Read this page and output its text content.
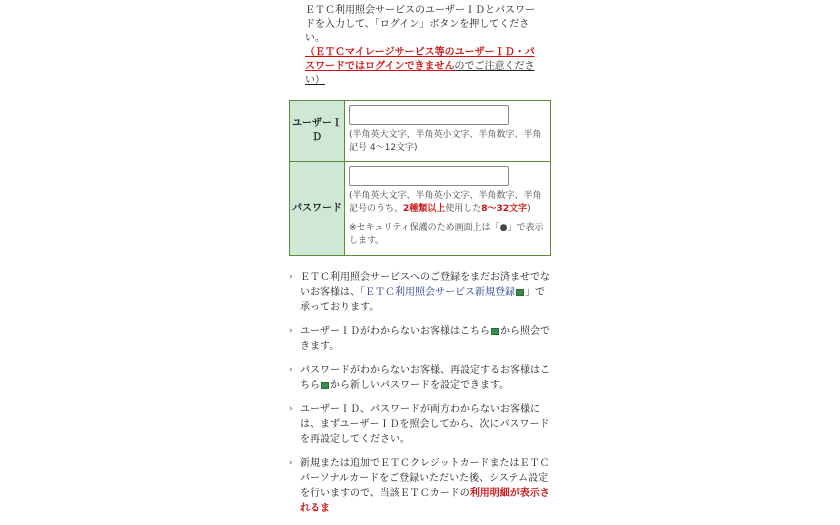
ＥＴＣ利用照会サービスのユーザーＩＤとパスワードを入力して、「ログイン」ボタンを押してください。
（ＥＴＣマイレージサービス等のユーザーＩＤ・パスワードではログインできませんのでご注意ください）
ユーザーＩＤ	(半角英大文字、半角英小文字、半角数字、半角記号 4～12文字)

パスワード	(半角英大文字、半角英小文字、半角数字、半角記号のうち、2種類以上使用した8～32文字)
※セキュリティ保護のため画面上は「●」で表示します。
› ＥＴＣ利用照会サービスへのご登録をまだお済ませでないお客様は、「ＥＴＣ利用照会サービス新規登録 」で承っております。
› ユーザーＩＤがわからないお客様はこちら から照会できます。
› パスワードがわからないお客様、再設定するお客様はこちら から新しいパスワードを設定できます。
› ユーザーＩＤ、パスワードが両方わからないお客様には、まずユーザーＩＤを照会してから、次にパスワードを再設定してください。
› 新規または追加でＥＴＣクレジットカードまたはＥＴＣパーソナルカードをご登録いただいた後、システム設定を行いますので、当該ＥＴＣカードの利用明細が表示されるま
